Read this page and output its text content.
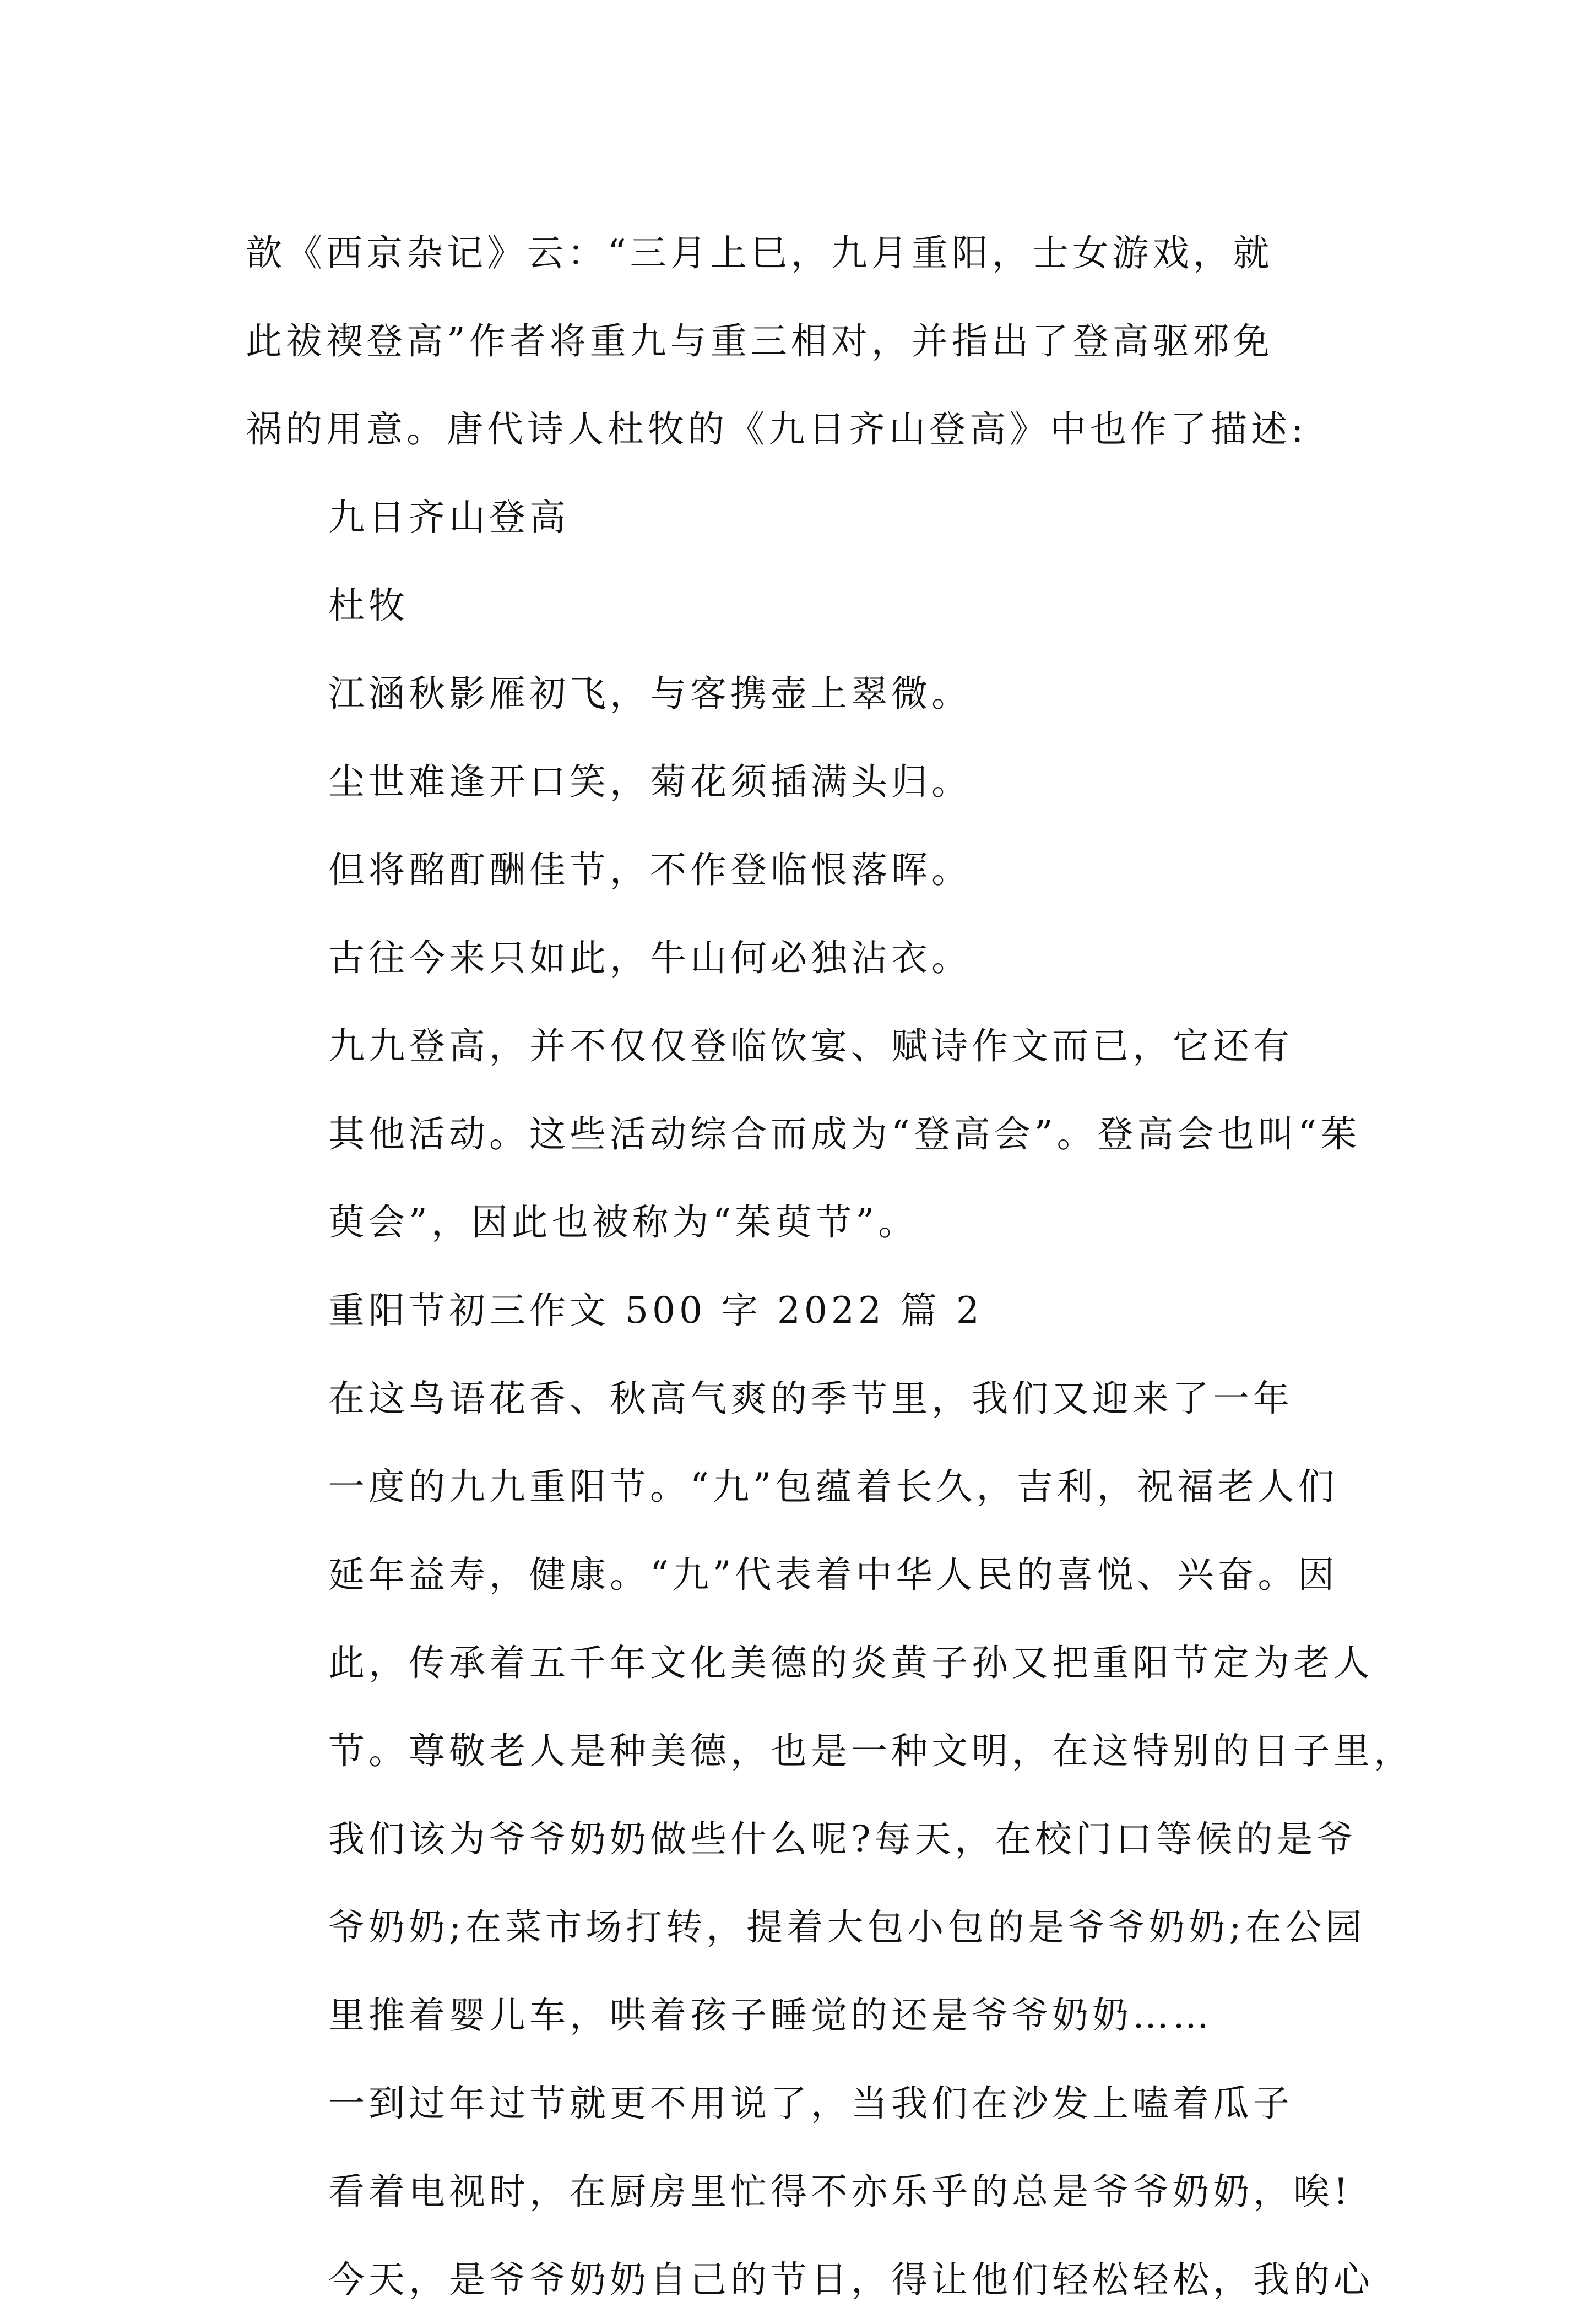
歆《西京杂记》云：“三月上巳，九月重阳，士女游戏，就
此祓禊登高”作者将重九与重三相对，并指出了登高驱邪免
祸的用意。唐代诗人杜牧的《九日齐山登高》中也作了描述:
九日齐山登高
杜牧
江涵秋影雁初飞，与客携壶上翠微。
尘世难逢开口笑，菊花须插满头归。
但将酩酊酬佳节，不作登临恨落晖。
古往今来只如此，牛山何必独沾衣。
九九登高，并不仅仅登临饮宴、赋诗作文而已，它还有
其他活动。这些活动综合而成为“登高会”。登高会也叫“茱
萸会”，因此也被称为“茱萸节”。
重阳节初三作文 500 字 2022 篇 2
在这鸟语花香、秋高气爽的季节里，我们又迎来了一年
一度的九九重阳节。“九”包蕴着长久，吉利，祝福老人们
延年益寿，健康。“九”代表着中华人民的喜悦、兴奋。因
此，传承着五千年文化美德的炎黄子孙又把重阳节定为老人
节。尊敬老人是种美德，也是一种文明，在这特别的日子里，
我们该为爷爷奶奶做些什么呢?每天，在校门口等候的是爷
爷奶奶;在菜市场打转，提着大包小包的是爷爷奶奶;在公园
里推着婴儿车，哄着孩子睡觉的还是爷爷奶奶……
一到过年过节就更不用说了，当我们在沙发上嗑着瓜子
看着电视时，在厨房里忙得不亦乐乎的总是爷爷奶奶，唉!
今天，是爷爷奶奶自己的节日，得让他们轻松轻松，我的心
